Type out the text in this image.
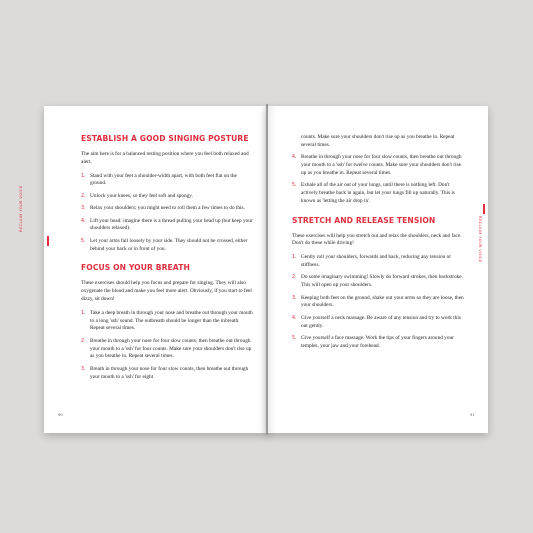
ESTABLISH A GOOD SINGING POSTURE
The aim here is for a balanced resting position where you feel both relaxed and alert.
1. Stand with your feet a shoulder-width apart, with both feet flat on the ground.
2. Unlock your knees, so they feel soft and spongy.
3. Relax your shoulders; you might need to roll them a few times to do this.
4. Lift your head: imagine there is a thread pulling your head up (but keep your shoulders relaxed).
5. Let your arms fall loosely by your side. They should not be crossed, either behind your back or in front of you.
FOCUS ON YOUR BREATH
These exercises should help you focus and prepare for singing. They will also oxygenate the blood and make you feel more alert. Obviously, if you start to feel dizzy, sit down!
1. Take a deep breath in through your nose and breathe out through your mouth to a long 'ssh' sound. The outbreath should be longer than the inbreath. Repeat several times.
2. Breathe in through your nose for four slow counts, then breathe out through your mouth to a 'ssh' for four counts. Make sure your shoulders don't rise up as you breathe in. Repeat several times.
3. Breath in through your nose for four slow counts, then breathe out through your mouth to a 'ssh' for eight
counts. Make sure your shoulders don't rise up as you breathe in. Repeat several times.
4. Breathe in through your nose for four slow counts, then breathe out through your mouth to a 'ssh' for twelve counts. Make sure your shoulders don't rise up as you breathe in. Repeat several times.
5. Exhale all of the air out of your lungs, until there is nothing left. Don't actively breathe back in again, but let your lungs fill up naturally. This is known as 'letting the air drop in'.
STRETCH AND RELEASE TENSION
These exercises will help you stretch out and relax the shoulders, neck and face. Don't do these while driving!
1. Gently roll your shoulders, forwards and back, reducing any tension or stiffness.
2. Do some imaginary swimming! Slowly do forward strokes, then backstroke. This will open up your shoulders.
3. Keeping both feet on the ground, shake out your arms so they are loose, then your shoulders.
4. Give yourself a neck massage. Be aware of any tension and try to work this out gently.
5. Give yourself a face massage. Work the tips of your fingers around your temples, your jaw and your forehead.
RECLAIM YOUR VOICE
RECLAIM YOUR VOICE
90	91
